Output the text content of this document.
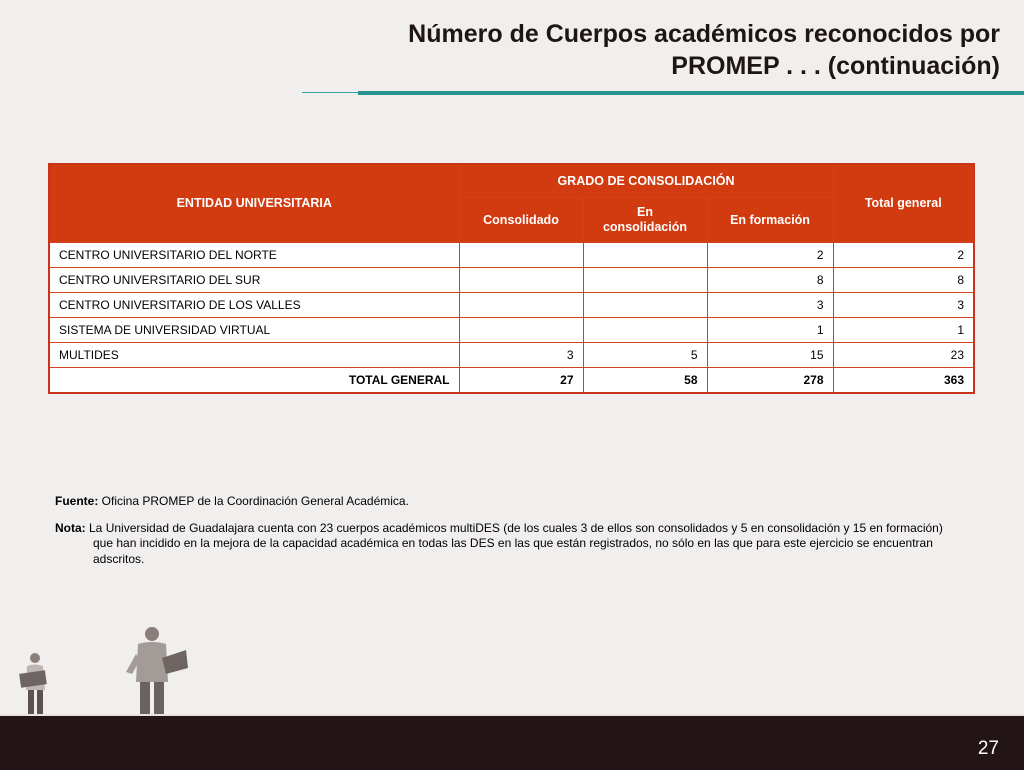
Número de Cuerpos académicos reconocidos por
PROMEP . . . (continuación)
ENTIDAD UNIVERSITARIA	GRADO DE CONSOLIDACIÓN			Total general
	Consolidado	En consolidación	En formación	
CENTRO UNIVERSITARIO DEL NORTE			2	2
CENTRO UNIVERSITARIO DEL SUR			8	8
CENTRO UNIVERSITARIO DE LOS VALLES			3	3
SISTEMA DE UNIVERSIDAD VIRTUAL			1	1
MULTIDES	3	5	15	23
TOTAL GENERAL	27	58	278	363

Fuente: Oficina PROMEP de la Coordinación General Académica.

Nota: La Universidad de Guadalajara cuenta con 23 cuerpos académicos multiDES (de los cuales 3 de ellos son consolidados y 5 en consolidación y 15 en formación) que han incidido en la mejora de la capacidad académica en todas las DES en las que están registrados, no sólo en las que para este ejercicio se encuentran adscritos.

27
